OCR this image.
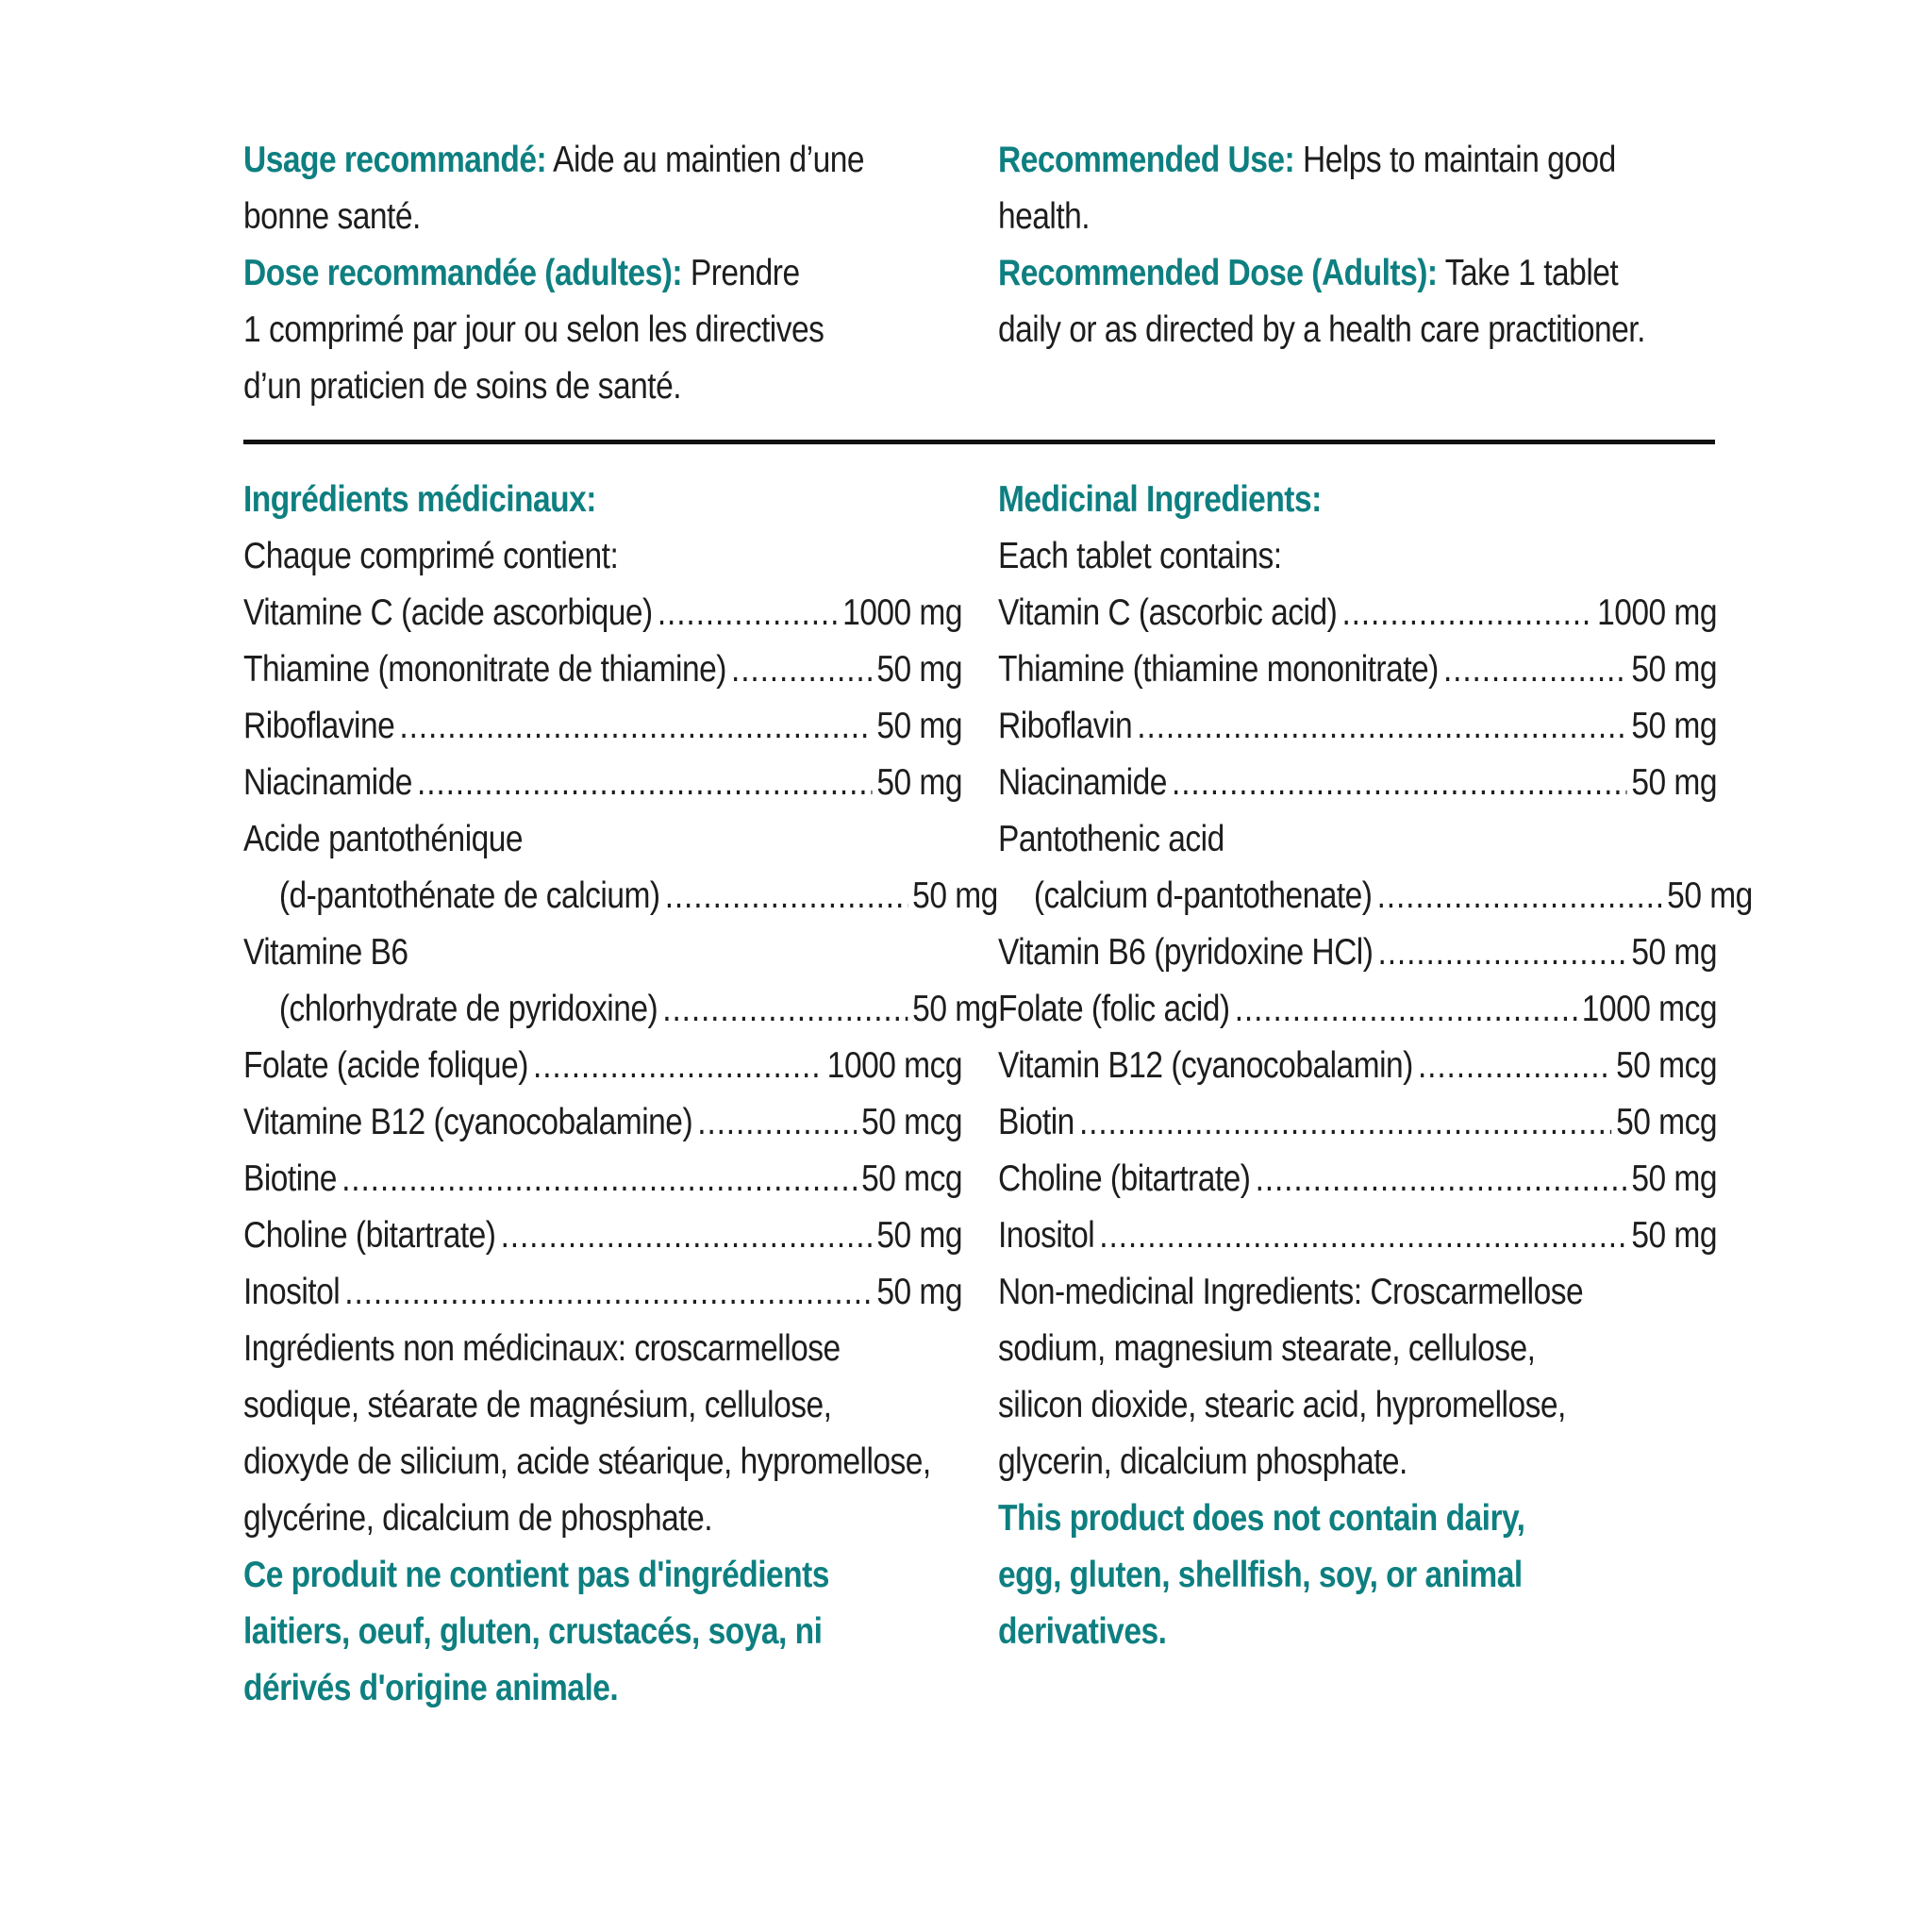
Usage recommandé: Aide au maintien d’une
bonne santé.
Dose recommandée (adultes): Prendre
1 comprimé par jour ou selon les directives
d’un praticien de soins de santé.
Recommended Use: Helps to maintain good
health.
Recommended Dose (Adults): Take 1 tablet
daily or as directed by a health care practitioner.
Ingrédients médicinaux:
Chaque comprimé contient:
Vitamine C (acide ascorbique) .....	1000 mg
Thiamine (mononitrate de thiamine) .....	50 mg
Riboflavine .....	50 mg
Niacinamide .....	50 mg
Acide pantothénique
(d-pantothénate de calcium) .....	50 mg
Vitamine B6
(chlorhydrate de pyridoxine) .....	50 mg
Folate (acide folique) .....	1000 mcg
Vitamine B12 (cyanocobalamine) .....	50 mcg
Biotine .....	50 mcg
Choline (bitartrate) .....	50 mg
Inositol .....	50 mg
Ingrédients non médicinaux: croscarmellose
sodique, stéarate de magnésium, cellulose,
dioxyde de silicium, acide stéarique, hypromellose,
glycérine, dicalcium de phosphate.
Ce produit ne contient pas d'ingrédients
laitiers, oeuf, gluten, crustacés, soya, ni
dérivés d'origine animale.
Medicinal Ingredients:
Each tablet contains:
Vitamin C (ascorbic acid) .....	1000 mg
Thiamine (thiamine mononitrate) .....	50 mg
Riboflavin .....	50 mg
Niacinamide .....	50 mg
Pantothenic acid
(calcium d-pantothenate) .....	50 mg
Vitamin B6 (pyridoxine HCl) .....	50 mg
Folate (folic acid) .....	1000 mcg
Vitamin B12 (cyanocobalamin) .....	50 mcg
Biotin .....	50 mcg
Choline (bitartrate) .....	50 mg
Inositol .....	50 mg
Non-medicinal Ingredients: Croscarmellose
sodium, magnesium stearate, cellulose,
silicon dioxide, stearic acid, hypromellose,
glycerin, dicalcium phosphate.
This product does not contain dairy,
egg, gluten, shellfish, soy, or animal
derivatives.
